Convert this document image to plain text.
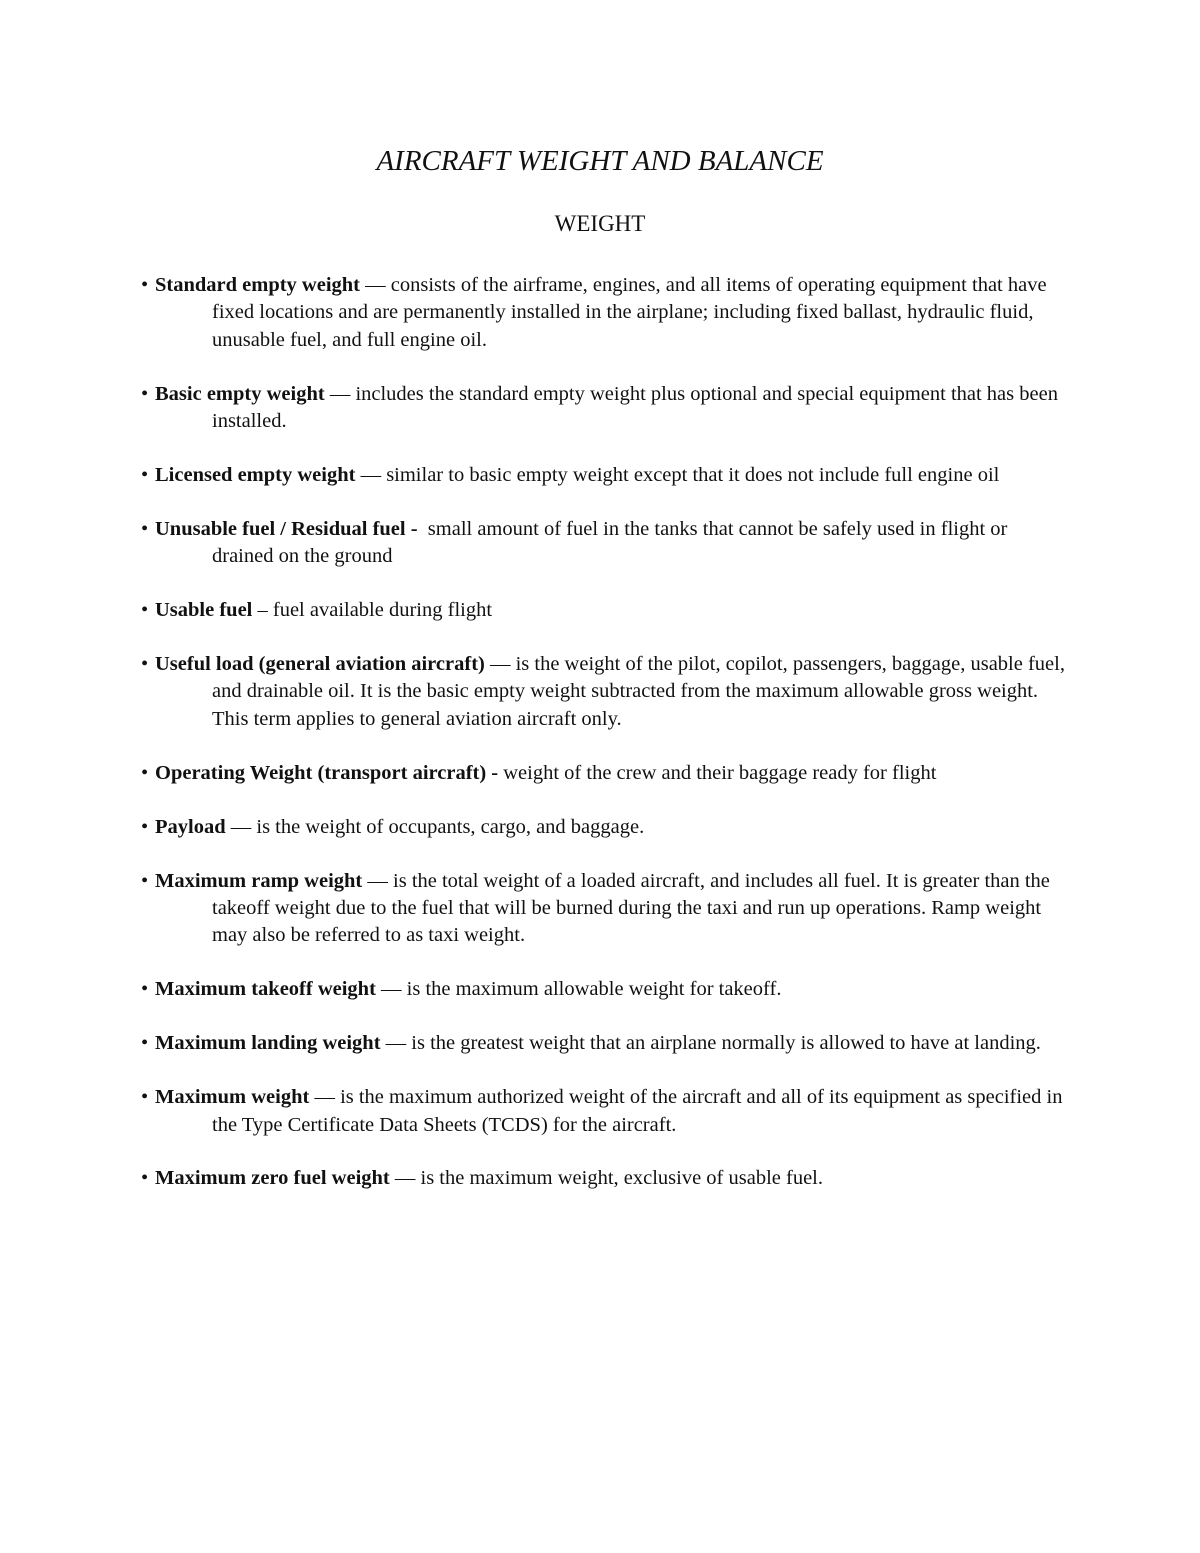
AIRCRAFT WEIGHT AND BALANCE
WEIGHT
• Standard empty weight — consists of the airframe, engines, and all items of operating equipment that have fixed locations and are permanently installed in the airplane; including fixed ballast, hydraulic fluid, unusable fuel, and full engine oil.
• Basic empty weight — includes the standard empty weight plus optional and special equipment that has been installed.
• Licensed empty weight — similar to basic empty weight except that it does not include full engine oil
• Unusable fuel / Residual fuel - small amount of fuel in the tanks that cannot be safely used in flight or drained on the ground
• Usable fuel – fuel available during flight
• Useful load (general aviation aircraft) — is the weight of the pilot, copilot, passengers, baggage, usable fuel, and drainable oil. It is the basic empty weight subtracted from the maximum allowable gross weight. This term applies to general aviation aircraft only.
• Operating Weight (transport aircraft) - weight of the crew and their baggage ready for flight
• Payload — is the weight of occupants, cargo, and baggage.
• Maximum ramp weight — is the total weight of a loaded aircraft, and includes all fuel. It is greater than the takeoff weight due to the fuel that will be burned during the taxi and run up operations. Ramp weight may also be referred to as taxi weight.
• Maximum takeoff weight — is the maximum allowable weight for takeoff.
• Maximum landing weight — is the greatest weight that an airplane normally is allowed to have at landing.
• Maximum weight — is the maximum authorized weight of the aircraft and all of its equipment as specified in the Type Certificate Data Sheets (TCDS) for the aircraft.
• Maximum zero fuel weight — is the maximum weight, exclusive of usable fuel.
